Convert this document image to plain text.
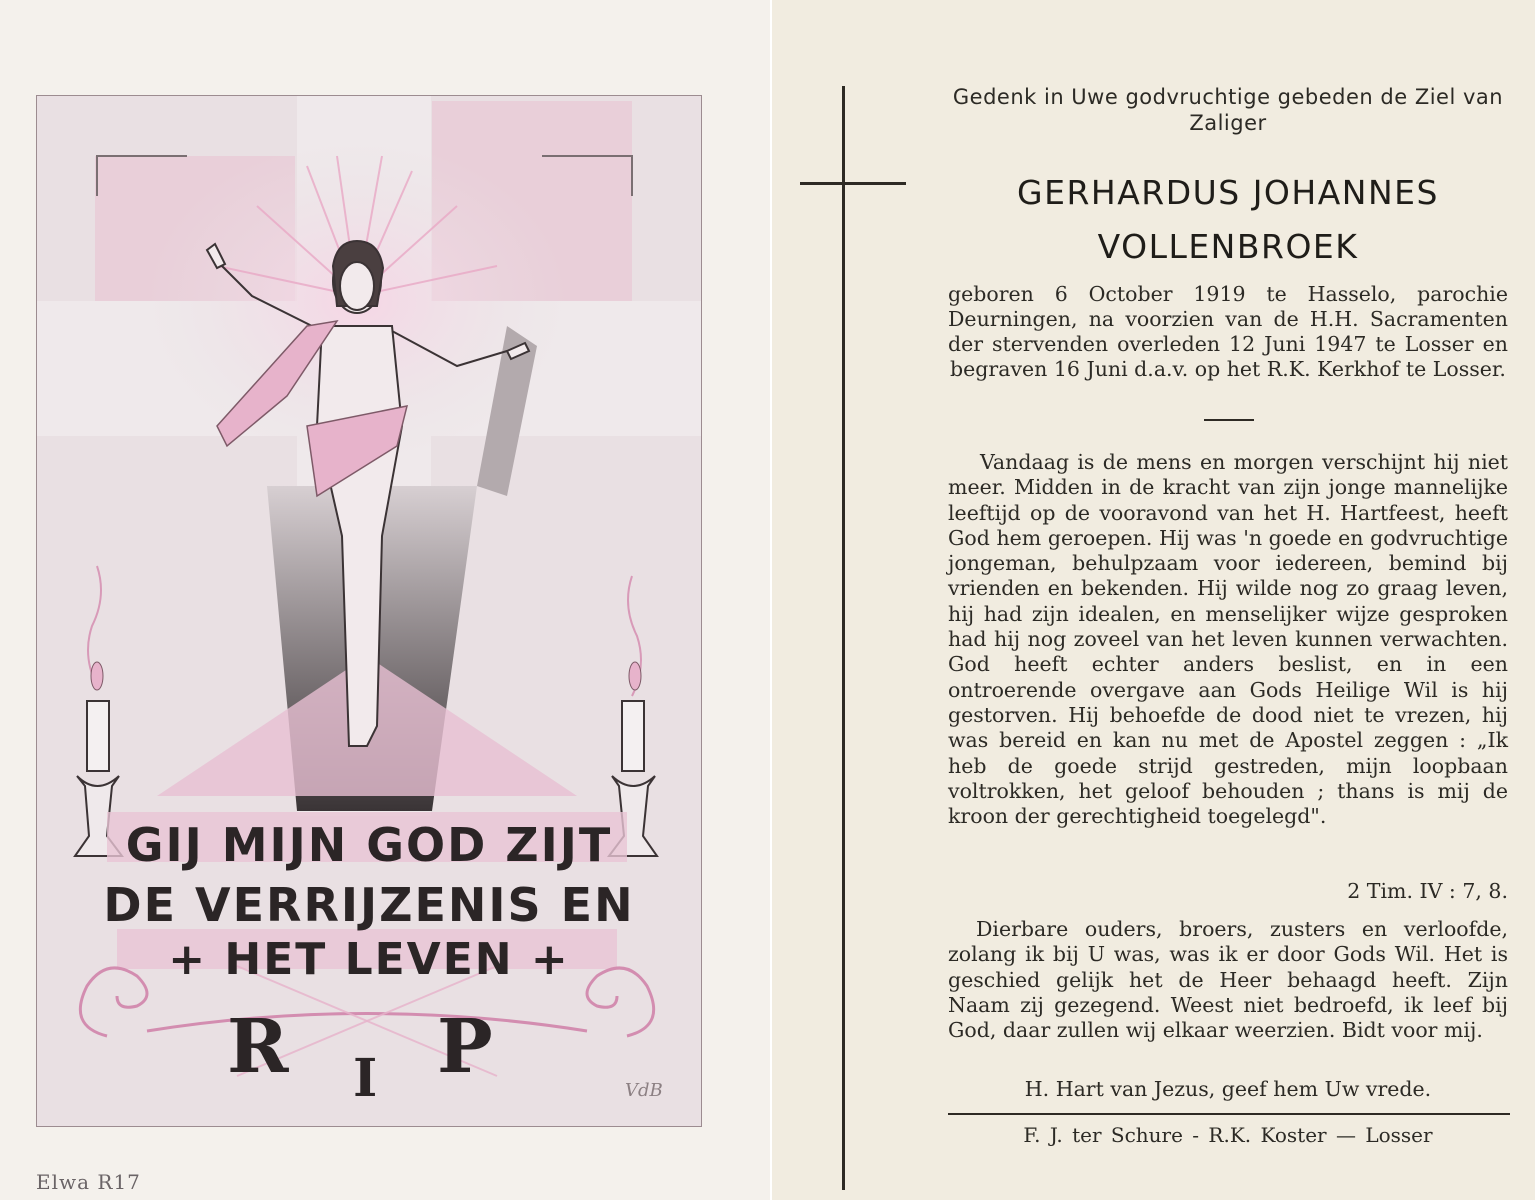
GIJ MIJN GOD ZIJT
DE VERRIJZENIS EN
+ HET LEVEN +
R I P
VdB
Elwa R17
Gedenk in Uwe godvruchtige gebeden de Ziel van Zaliger
GERHARDUS JOHANNES
VOLLENBROEK
geboren 6 October 1919 te Hasselo, parochie Deurningen, na voorzien van de H.H. Sacramenten der stervenden overleden 12 Juni 1947 te Losser en begraven 16 Juni d.a.v. op het R.K. Kerkhof te Losser.

Vandaag is de mens en morgen verschijnt hij niet meer. Midden in de kracht van zijn jonge mannelijke leeftijd op de vooravond van het H. Hartfeest, heeft God hem geroepen. Hij was 'n goede en godvruchtige jongeman, behulpzaam voor iedereen, bemind bij vrienden en bekenden. Hij wilde nog zo graag leven, hij had zijn idealen, en menselijker wijze gesproken had hij nog zoveel van het leven kunnen verwachten. God heeft echter anders beslist, en in een ontroerende overgave aan Gods Heilige Wil is hij gestorven. Hij behoefde de dood niet te vrezen, hij was bereid en kan nu met de Apostel zeggen : „Ik heb de goede strijd gestreden, mijn loopbaan voltrokken, het geloof behouden ; thans is mij de kroon der gerechtigheid toegelegd".

2 Tim. IV : 7, 8.
Dierbare ouders, broers, zusters en verloofde, zolang ik bij U was, was ik er door Gods Wil. Het is geschied gelijk het de Heer behaagd heeft. Zijn Naam zij gezegend. Weest niet bedroefd, ik leef bij God, daar zullen wij elkaar weerzien. Bidt voor mij.
H. Hart van Jezus, geef hem Uw vrede.
F. J. ter Schure - R.K. Koster — Losser
